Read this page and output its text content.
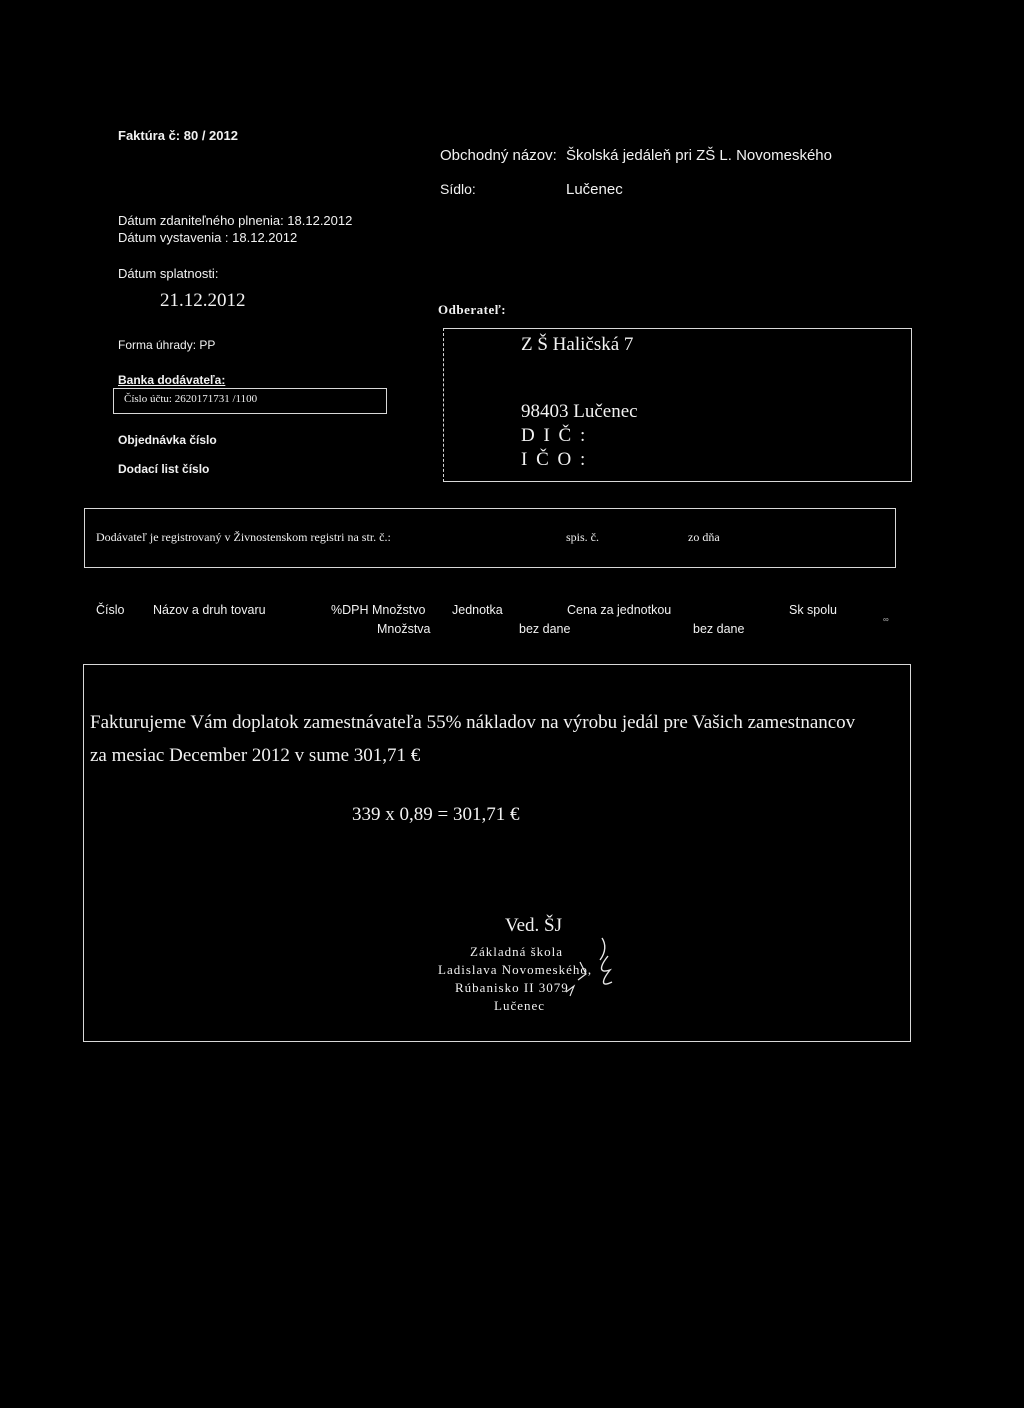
Faktúra č: 80 / 2012
Obchodný názov: Školská jedáleň pri ZŠ L. Novomeského
Sídlo:	Lučenec
Dátum zdaniteľného plnenia: 18.12.2012
Dátum vystavenia : 18.12.2012
Dátum splatnosti:
21.12.2012	Odberateľ:
Forma úhrady: PP
Banka dodávateľa:
Číslo účtu: 2620171731 /1100
Objednávka číslo
Dodací list číslo
Z Š Haličská 7
98403 Lučenec
D I Č :
I Č O :
Dodávateľ je registrovaný v Živnostenskom registri na str. č.:	spis. č.	zo dňa
Číslo Názov a druh tovaru	%DPH Množstvo Jednotka	Cena za jednotkou	Sk spolu
Množstva	bez dane	bez dane
∞
Fakturujeme Vám doplatok zamestnávateľa 55% nákladov na výrobu jedál pre Vašich zamestnancov
za mesiac December 2012 v sume 301,71 €
339 x 0,89 = 301,71 €
Ved. ŠJ
Základná škola
Ladislava Novomeského,
Rúbanisko II 3079
Lučenec
